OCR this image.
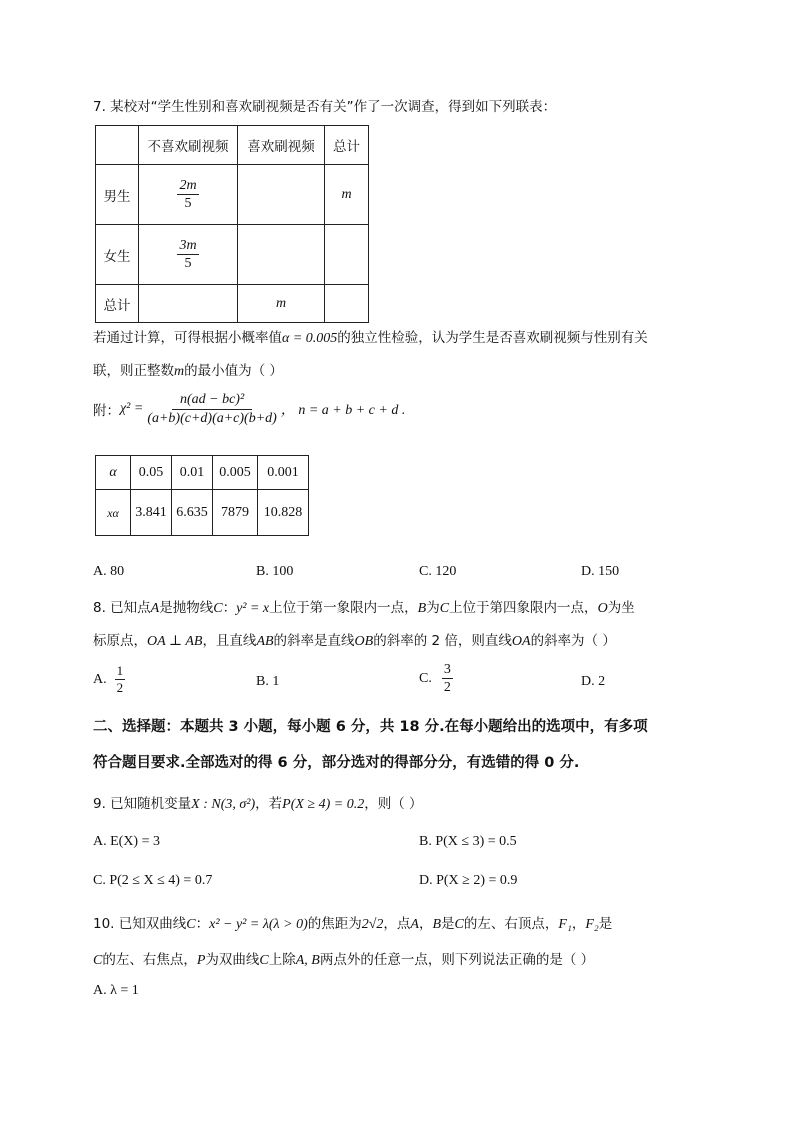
7. 某校对“学生性别和喜欢刷视频是否有关”作了一次调查，得到如下列联表：
	不喜欢刷视频	喜欢刷视频	总计
男生	$\frac{2m}{5}$		m
女生	$\frac{3m}{5}$

总计		m	
若通过计算，可得根据小概率值α = 0.005的独立性检验，认为学生是否喜欢刷视频与性别有关
联，则正整数m的最小值为（ ）
附： $\chi^2 = \frac{\text{n(ad − bc)²}}{(a+b)(c+d)(a+c)(b+d)}$ ， n = a + b + c + d .
α	0.05	0.01	0.005	0.001
xα	3.841	6.635	7879	10.828
A. 80	B. 100	C. 120	D. 150
8. 已知点A是抛物线C：y² = x上位于第一象限内一点，B为C上位于第四象限内一点，O为坐
标原点，OA ⊥ AB，且直线AB的斜率是直线OB的斜率的 2 倍，则直线OA的斜率为（ ）
A. $\frac{1}{2}$	B. 1	C. $\frac{3}{2}$	D. 2
二、选择题：本题共 3 小题，每小题 6 分，共 18 分.在每小题给出的选项中，有多项
符合题目要求.全部选对的得 6 分，部分选对的得部分分，有选错的得 0 分.
9. 已知随机变量X : N(3, σ²)，若P(X ≥ 4) = 0.2，则（ ）
A. E(X) = 3	B. P(X ≤ 3) = 0.5
C. P(2 ≤ X ≤ 4) = 0.7	D. P(X ≥ 2) = 0.9
10. 已知双曲线C：x² − y² = λ(λ > 0)的焦距为2√2，点A，B是C的左、右顶点，F₁，F₂是
C的左、右焦点，P为双曲线C上除A, B两点外的任意一点，则下列说法正确的是（ ）
A. λ = 1
